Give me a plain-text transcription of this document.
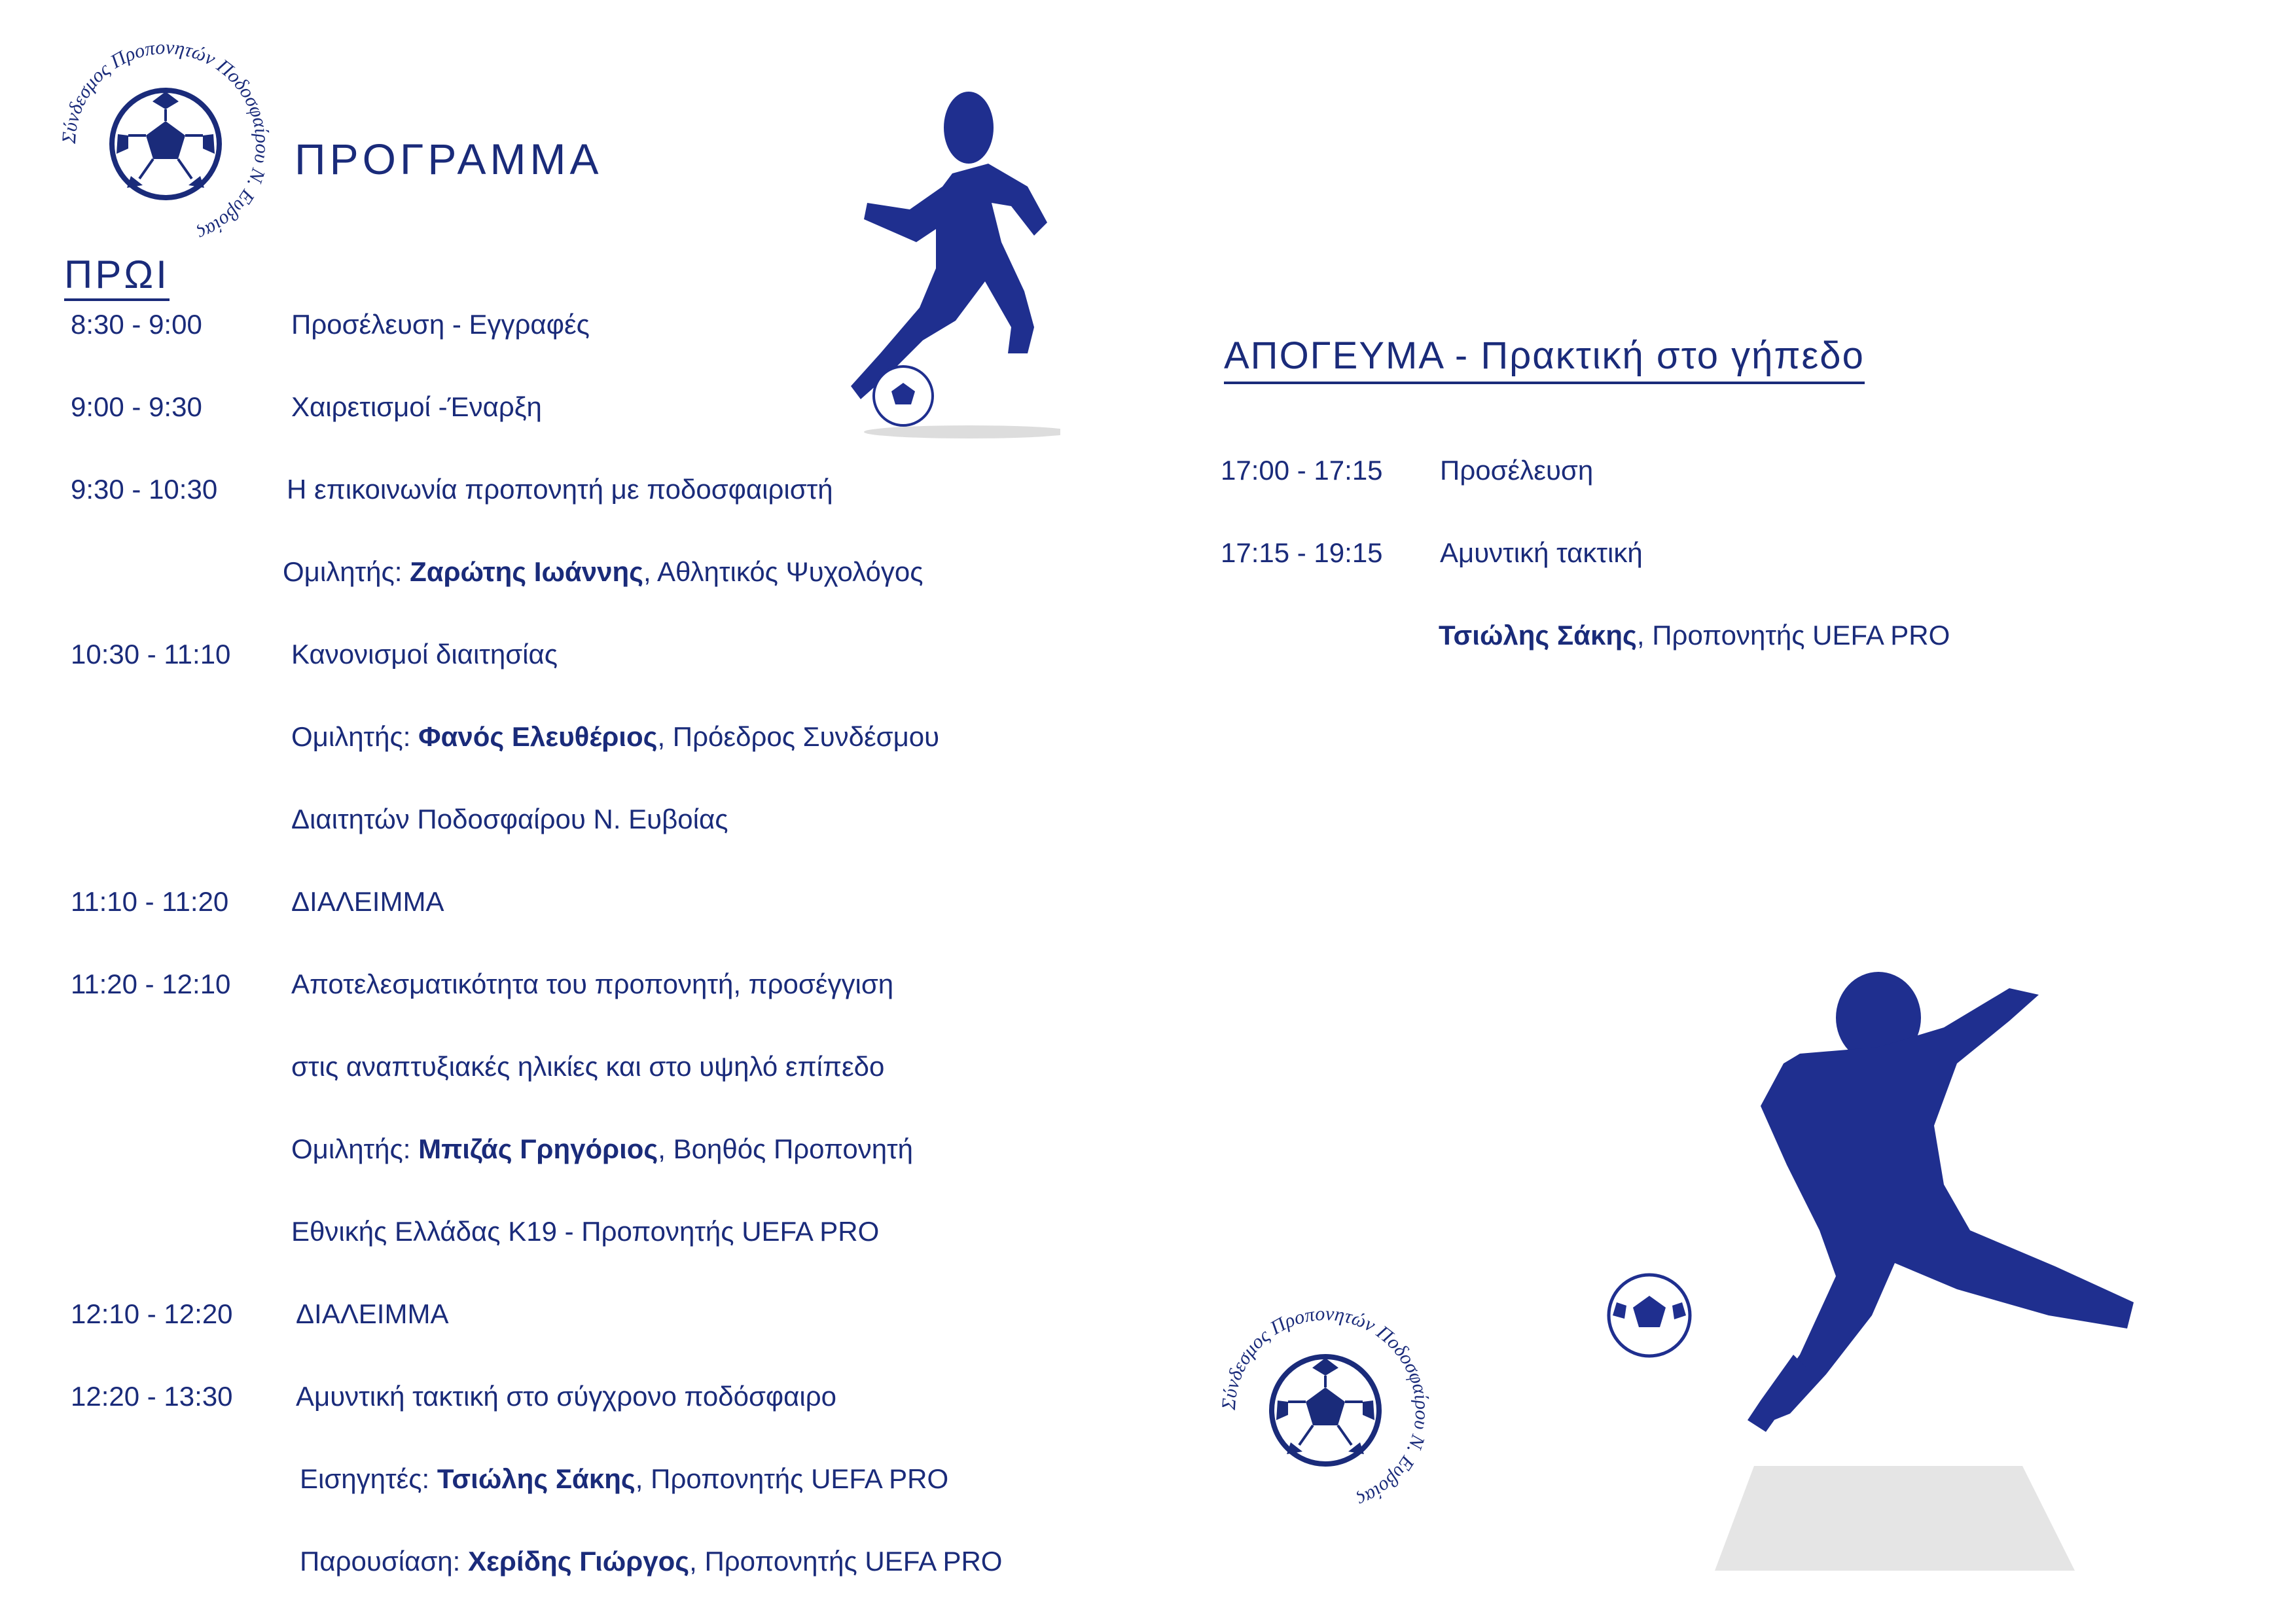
Σύνδεσμος Προπονητών Ποδοσφαίρου Ν. Ευβοίας
ΠΡΟΓΡΑΜΜΑ
ΠΡΩΙ
8:30 - 9:00	Προσέλευση - Εγγραφές
9:00 - 9:30	Χαιρετισμοί -Έναρξη
9:30 - 10:30	Η επικοινωνία προπονητή με ποδοσφαιριστή
Ομιλητής: Ζαρώτης Ιωάννης, Αθλητικός Ψυχολόγος
10:30 - 11:10 Κανονισμοί διαιτησίας
Ομιλητής: Φανός Ελευθέριος, Πρόεδρος Συνδέσμου
Διαιτητών Ποδοσφαίρου Ν. Ευβοίας
11:10 - 11:20 ΔΙΑΛΕΙΜΜΑ
11:20 - 12:10 Αποτελεσματικότητα του προπονητή, προσέγγιση
στις αναπτυξιακές ηλικίες και στο υψηλό επίπεδο
Ομιλητής: Μπιζάς Γρηγόριος, Βοηθός Προπονητή
Εθνικής Ελλάδας Κ19 - Προπονητής UEFA PRO
12:10 - 12:20 ΔΙΑΛΕΙΜΜΑ
12:20 - 13:30 Αμυντική τακτική στο σύγχρονο ποδόσφαιρο
Εισηγητές: Τσιώλης Σάκης, Προπονητής UEFA PRO
Παρουσίαση: Χερίδης Γιώργος, Προπονητής UEFA PRO
ΑΠΟΓΕΥΜΑ - Πρακτική στο γήπεδο
17:00 - 17:15 Προσέλευση
17:15 - 19:15 Αμυντική τακτική
Τσιώλης Σάκης, Προπονητής UEFA PRO
Σύνδεσμος Προπονητών Ποδοσφαίρου Ν. Ευβοίας
